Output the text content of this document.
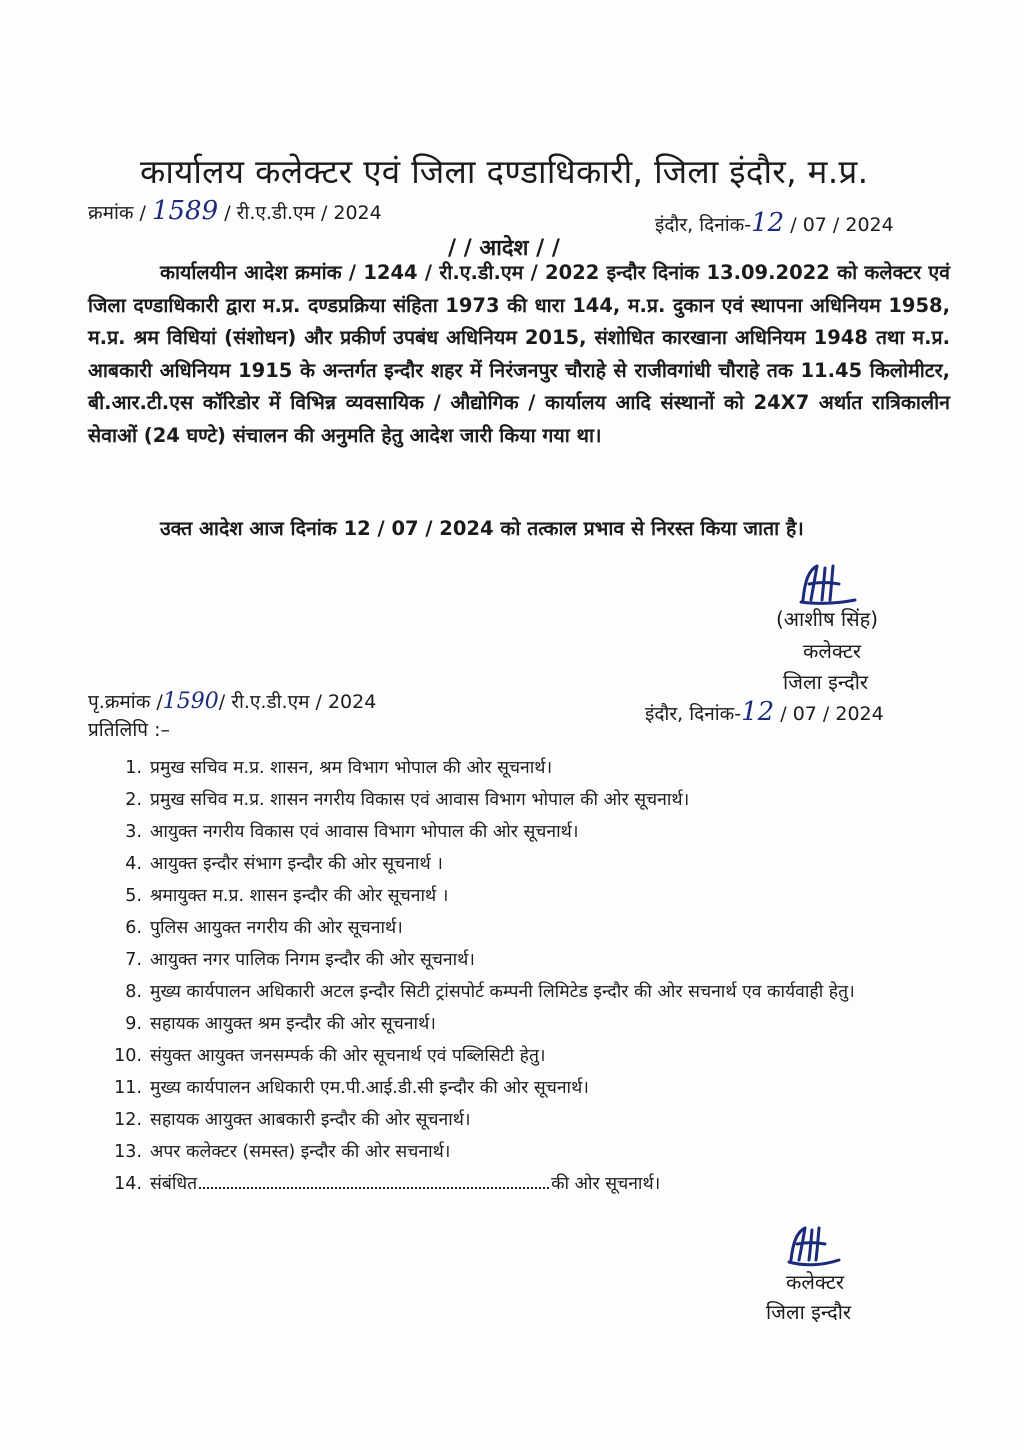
कार्यालय कलेक्टर एवं जिला दण्डाधिकारी, जिला इंदौर, म.प्र.
क्रमांक / 1589 / री.ए.डी.एम / 2024
इंदौर, दिनांक-12 / 07 / 2024
/ / आदेश / /
कार्यालयीन आदेश क्रमांक / 1244 / री.ए.डी.एम / 2022 इन्दौर दिनांक 13.09.2022 को कलेक्टर एवं जिला दण्डाधिकारी द्वारा म.प्र. दण्डप्रक्रिया संहिता 1973 की धारा 144, म.प्र. दुकान एवं स्थापना अधिनियम 1958, म.प्र. श्रम विधियां (संशोधन) और प्रकीर्ण उपबंध अधिनियम 2015, संशोधित कारखाना अधिनियम 1948 तथा म.प्र. आबकारी अधिनियम 1915 के अन्तर्गत इन्दौर शहर में निरंजनपुर चौराहे से राजीवगांधी चौराहे तक 11.45 किलोमीटर, बी.आर.टी.एस कॉरिडोर में विभिन्न व्यवसायिक / औद्योगिक / कार्यालय आदि संस्थानों को 24X7 अर्थात रात्रिकालीन सेवाओं (24 घण्टे) संचालन की अनुमति हेतु आदेश जारी किया गया था।
उक्त आदेश आज दिनांक 12 / 07 / 2024 को तत्काल प्रभाव से निरस्त किया जाता है।
(आशीष सिंह)
कलेक्टर
जिला इन्दौर
पृ.क्रमांक /1590/ री.ए.डी.एम / 2024
इंदौर, दिनांक-12 / 07 / 2024
प्रतिलिपि :–
1. प्रमुख सचिव म.प्र. शासन, श्रम विभाग भोपाल की ओर सूचनार्थ।
2. प्रमुख सचिव म.प्र. शासन नगरीय विकास एवं आवास विभाग भोपाल की ओर सूचनार्थ।
3. आयुक्त नगरीय विकास एवं आवास विभाग भोपाल की ओर सूचनार्थ।
4. आयुक्त इन्दौर संभाग इन्दौर की ओर सूचनार्थ ।
5. श्रमायुक्त म.प्र. शासन इन्दौर की ओर सूचनार्थ ।
6. पुलिस आयुक्त नगरीय की ओर सूचनार्थ।
7. आयुक्त नगर पालिक निगम इन्दौर की ओर सूचनार्थ।
8. मुख्य कार्यपालन अधिकारी अटल इन्दौर सिटी ट्रांसपोर्ट कम्पनी लिमिटेड इन्दौर की ओर सचनार्थ एव कार्यवाही हेतु।
9. सहायक आयुक्त श्रम इन्दौर की ओर सूचनार्थ।
10. संयुक्त आयुक्त जनसम्पर्क की ओर सूचनार्थ एवं पब्लिसिटी हेतु।
11. मुख्य कार्यपालन अधिकारी एम.पी.आई.डी.सी इन्दौर की ओर सूचनार्थ।
12. सहायक आयुक्त आबकारी इन्दौर की ओर सूचनार्थ।
13. अपर कलेक्टर (समस्त) इन्दौर की ओर सचनार्थ।
14. संबंधित	की ओर सूचनार्थ।
कलेक्टर
जिला इन्दौर
